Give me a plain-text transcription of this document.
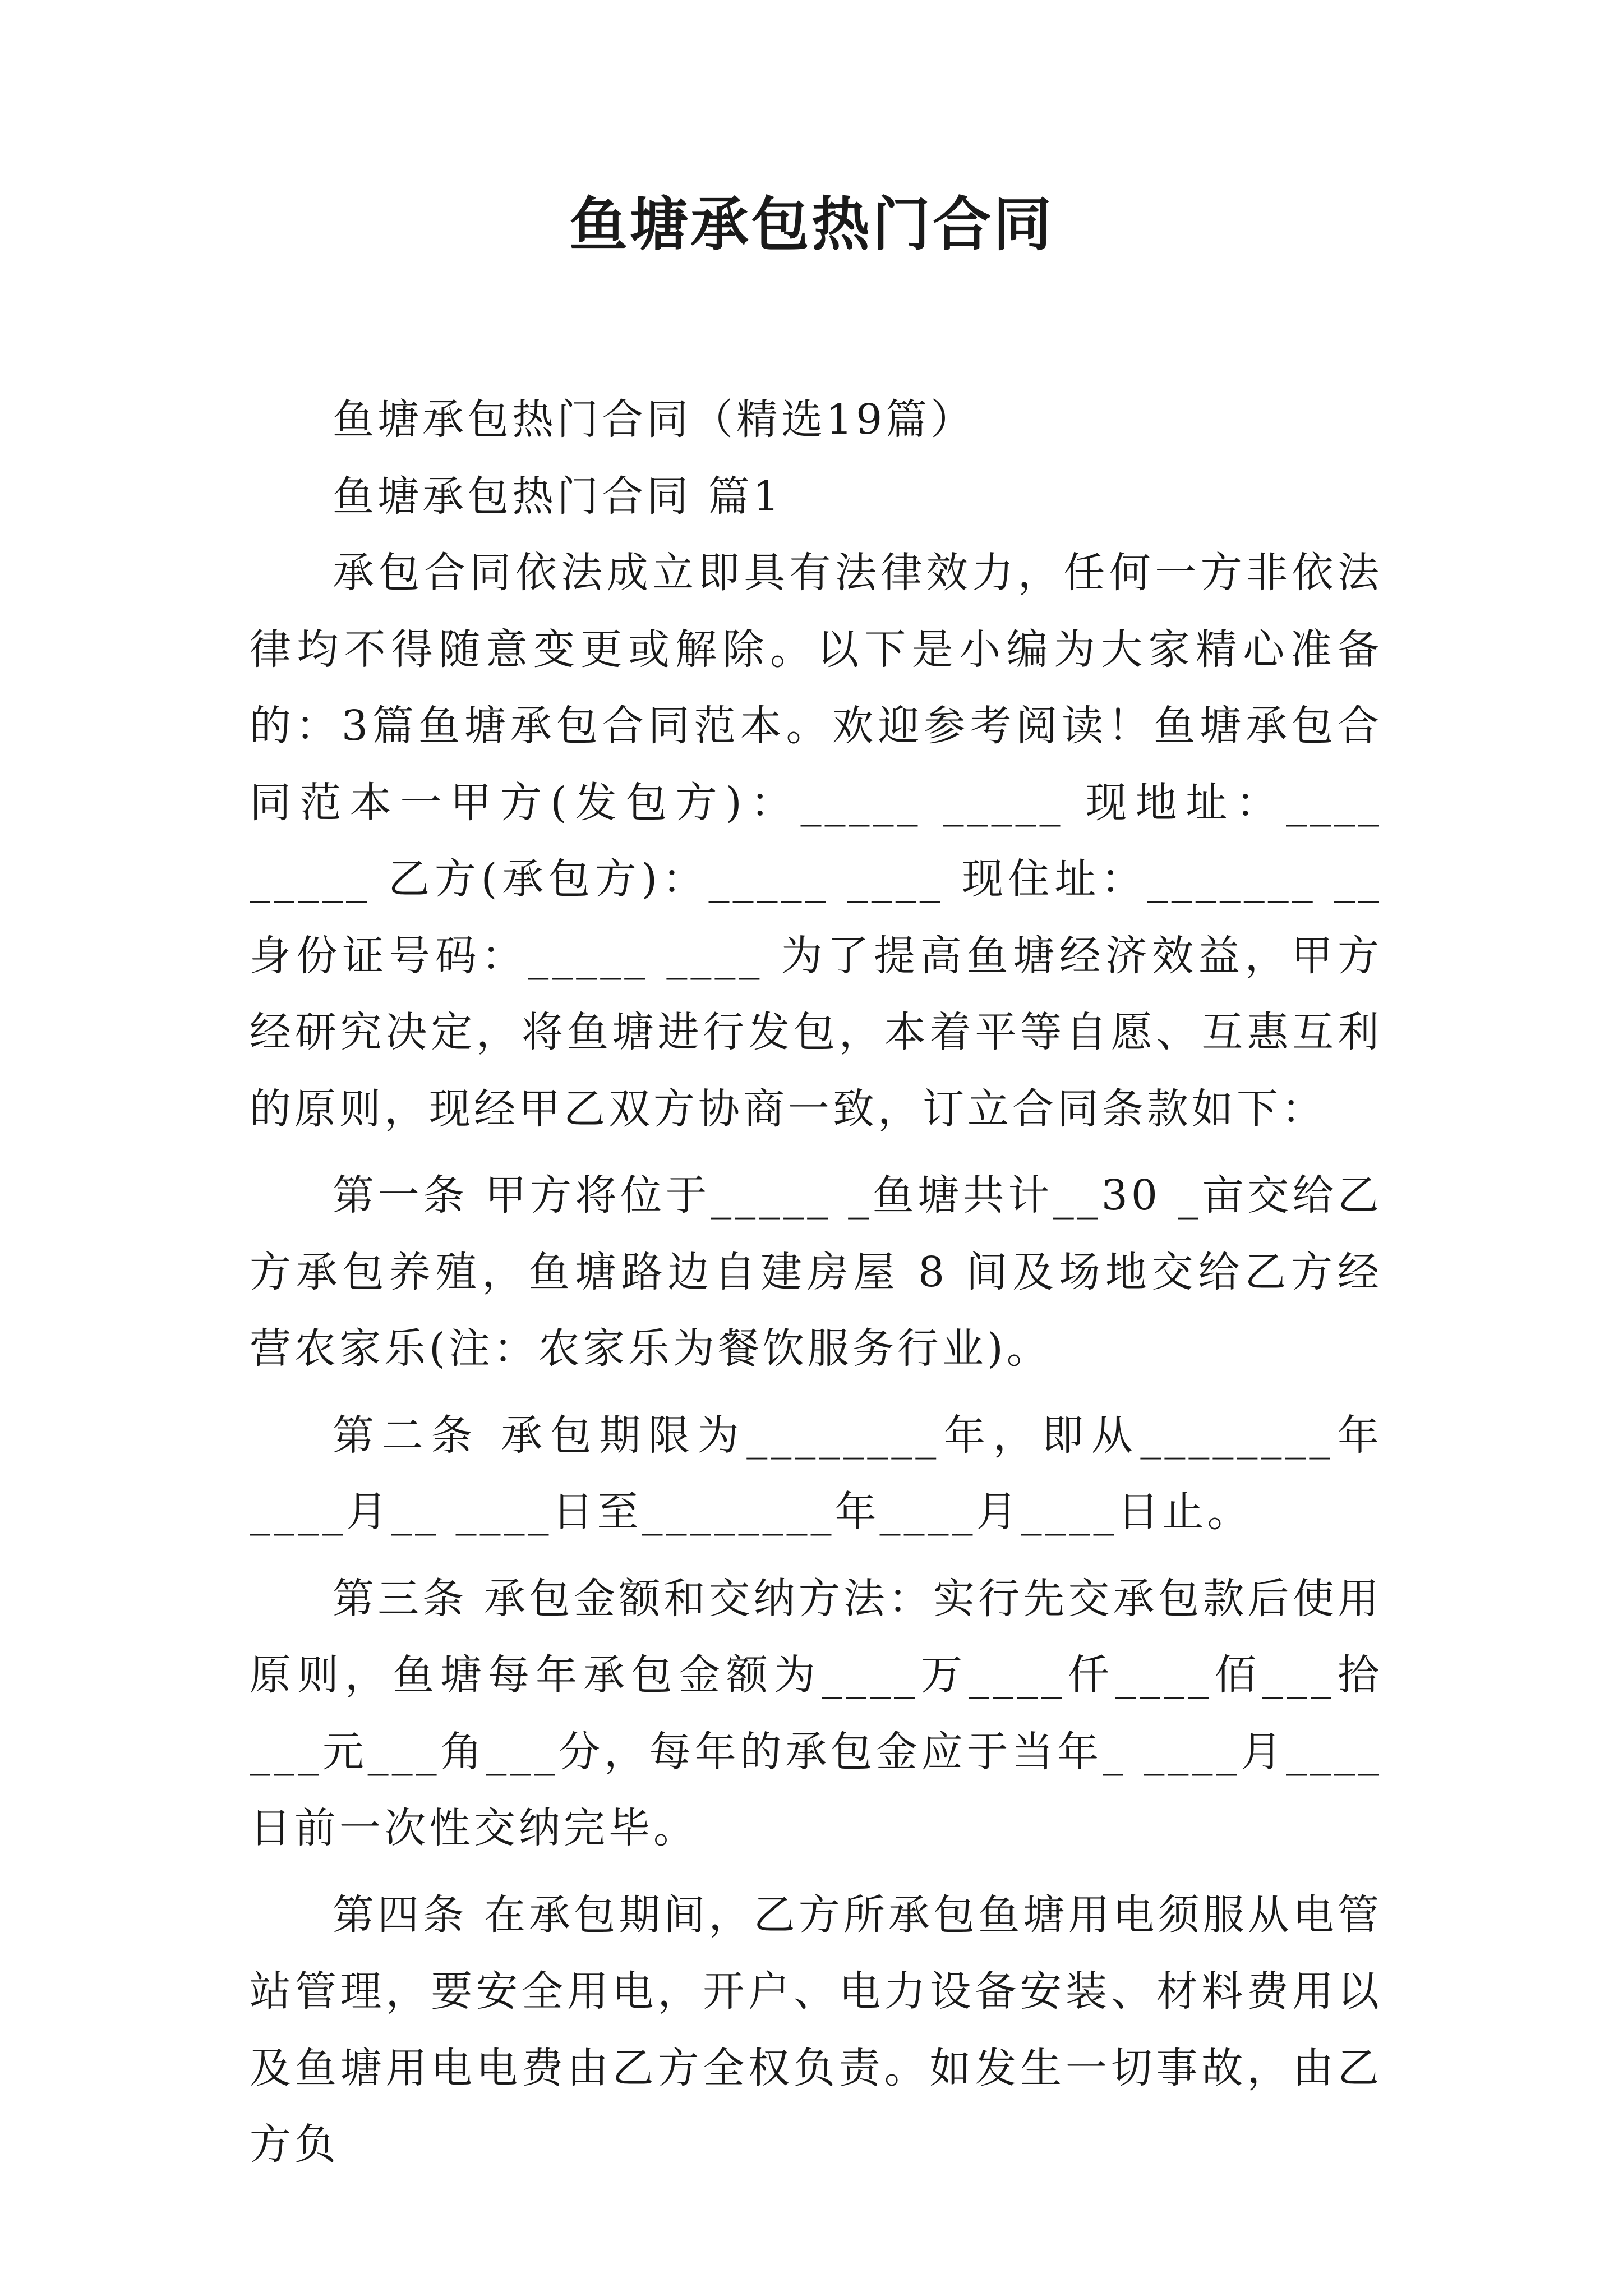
鱼塘承包热门合同

鱼塘承包热门合同（精选19篇）

鱼塘承包热门合同 篇1

承包合同依法成立即具有法律效力，任何一方非依法律均不得随意变更或解除。以下是小编为大家精心准备的：3篇鱼塘承包合同范本。欢迎参考阅读！鱼塘承包合同范本一甲方(发包方)：_____ _____ 现地址：____ _____ 乙方(承包方)：_____ ____ 现住址：_______ __ 身份证号码：_____ ____ 为了提高鱼塘经济效益，甲方经研究决定，将鱼塘进行发包，本着平等自愿、互惠互利的原则，现经甲乙双方协商一致，订立合同条款如下：

第一条 甲方将位于_____ _鱼塘共计__30 _亩交给乙方承包养殖，鱼塘路边自建房屋 8 间及场地交给乙方经营农家乐(注：农家乐为餐饮服务行业)。

第二条 承包期限为________年，即从________年____月__ ____日至________年____月____日止。

第三条 承包金额和交纳方法：实行先交承包款后使用原则，鱼塘每年承包金额为____万____仟____佰___拾___元___角___分，每年的承包金应于当年_ ____月____日前一次性交纳完毕。

第四条 在承包期间，乙方所承包鱼塘用电须服从电管站管理，要安全用电，开户、电力设备安装、材料费用以及鱼塘用电电费由乙方全权负责。如发生一切事故，由乙方负
